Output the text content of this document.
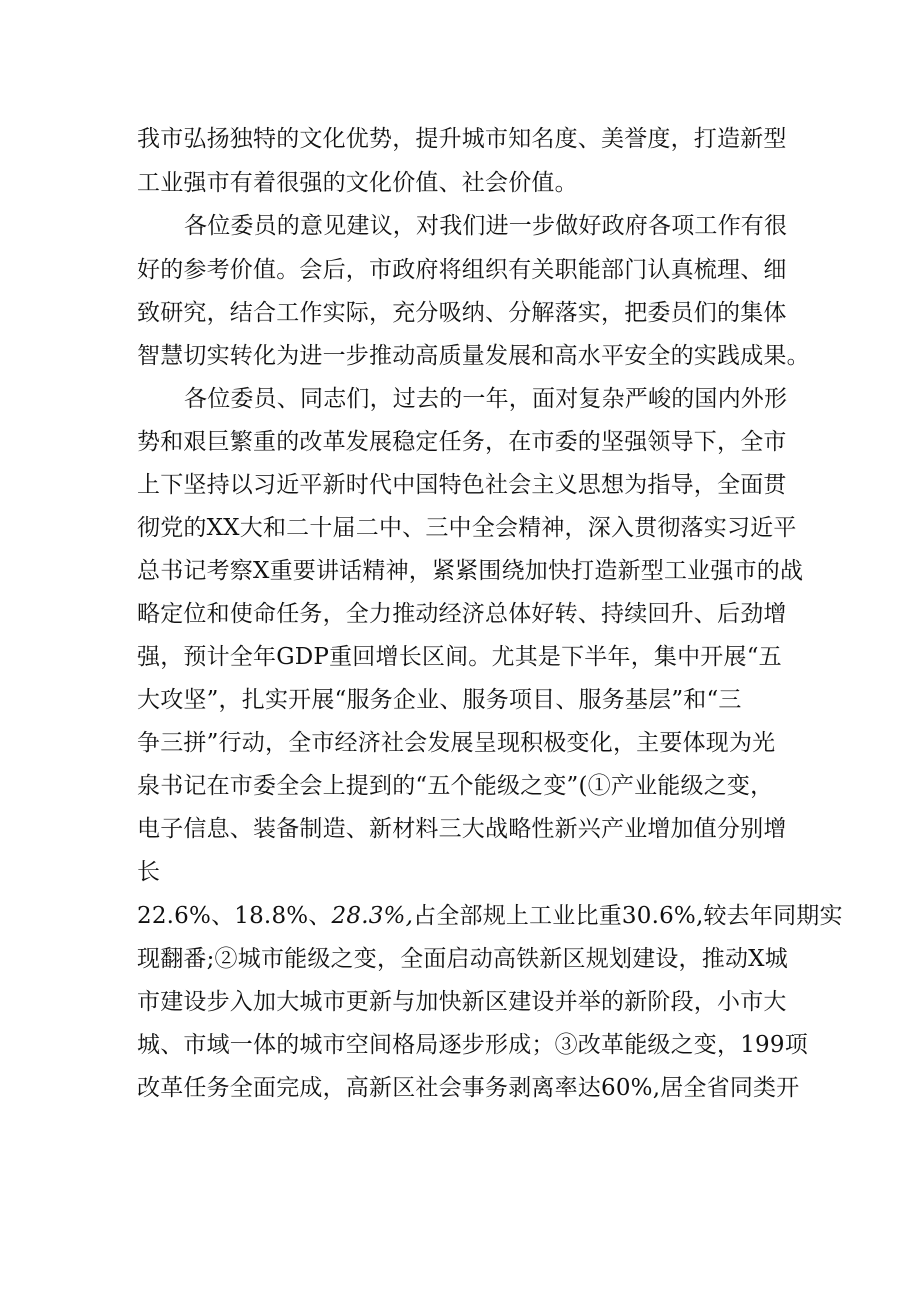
我市弘扬独特的文化优势，提升城市知名度、美誉度，打造新型
工业强市有着很强的文化价值、社会价值。
各位委员的意见建议，对我们进一步做好政府各项工作有很
好的参考价值。会后，市政府将组织有关职能部门认真梳理、细
致研究，结合工作实际，充分吸纳、分解落实，把委员们的集体
智慧切实转化为进一步推动高质量发展和高水平安全的实践成果。
各位委员、同志们，过去的一年，面对复杂严峻的国内外形
势和艰巨繁重的改革发展稳定任务，在市委的坚强领导下，全市
上下坚持以习近平新时代中国特色社会主义思想为指导，全面贯
彻党的XX大和二十届二中、三中全会精神，深入贯彻落实习近平
总书记考察X重要讲话精神，紧紧围绕加快打造新型工业强市的战
略定位和使命任务，全力推动经济总体好转、持续回升、后劲增
强，预计全年GDP重回增长区间。尤其是下半年，集中开展“五
大攻坚”，扎实开展“服务企业、服务项目、服务基层”和“三
争三拼”行动，全市经济社会发展呈现积极变化，主要体现为光
泉书记在市委全会上提到的“五个能级之变”(①产业能级之变，
电子信息、装备制造、新材料三大战略性新兴产业增加值分别增
长
22.6%、18.8%、28.3%,占全部规上工业比重30.6%,较去年同期实
现翻番;②城市能级之变，全面启动高铁新区规划建设，推动X城
市建设步入加大城市更新与加快新区建设并举的新阶段，小市大
城、市域一体的城市空间格局逐步形成；③改革能级之变，199项
改革任务全面完成，高新区社会事务剥离率达60%,居全省同类开
